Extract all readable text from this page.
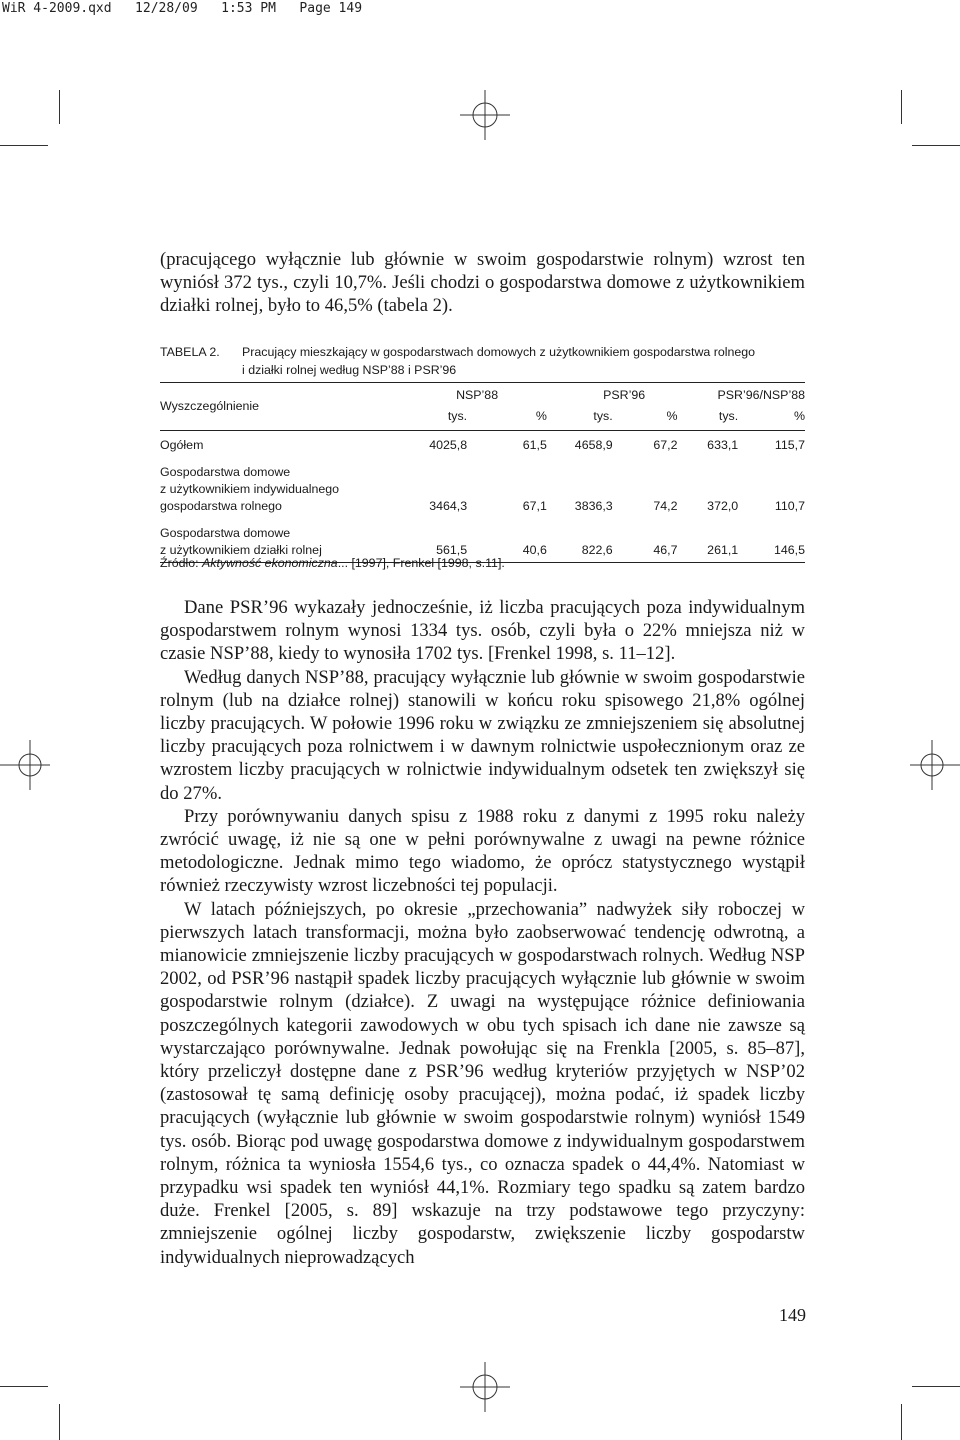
WiR 4-2009.qxd   12/28/09   1:53 PM   Page 149

(pracującego wyłącznie lub głównie w swoim gospodarstwie rolnym) wzrost ten wyniósł 372 tys., czyli 10,7%. Jeśli chodzi o gospodarstwa domowe z użytkownikiem działki rolnej, było to 46,5% (tabela 2).

TABELA 2. Pracujący mieszkający w gospodarstwach domowych z użytkownikiem gospodarstwa rolnego
i działki rolnej według NSP’88 i PSR’96
Wyszczególnienie	NSP’88		PSR’96		PSR’96/NSP’88	
	tys.	%	tys.	%	tys.	%
Ogółem	4025,8	61,5	4658,9	67,2	633,1	115,7

Gospodarstwa domowe
z użytkownikiem indywidualnego
gospodarstwa rolnego	3464,3	67,1	3836,3	74,2	372,0	110,7

Gospodarstwa domowe
z użytkownikiem działki rolnej	561,5	40,6	822,6	46,7	261,1	146,5
Źródło: Aktywność ekonomiczna... [1997], Frenkel [1998, s.11].

Dane PSR’96 wykazały jednocześnie, iż liczba pracujących poza indywidualnym gospodarstwem rolnym wynosi 1334 tys. osób, czyli była o 22% mniejsza niż w czasie NSP’88, kiedy to wynosiła 1702 tys. [Frenkel 1998, s. 11–12].

Według danych NSP’88, pracujący wyłącznie lub głównie w swoim gospodarstwie rolnym (lub na działce rolnej) stanowili w końcu roku spisowego 21,8% ogólnej liczby pracujących. W połowie 1996 roku w związku ze zmniejszeniem się absolutnej liczby pracujących poza rolnictwem i w dawnym rolnictwie uspołecznionym oraz ze wzrostem liczby pracujących w rolnictwie indywidualnym odsetek ten zwiększył się do 27%.

Przy porównywaniu danych spisu z 1988 roku z danymi z 1995 roku należy zwrócić uwagę, iż nie są one w pełni porównywalne z uwagi na pewne różnice metodologiczne. Jednak mimo tego wiadomo, że oprócz statystycznego wystąpił również rzeczywisty wzrost liczebności tej populacji.

W latach późniejszych, po okresie „przechowania” nadwyżek siły roboczej w pierwszych latach transformacji, można było zaobserwować tendencję odwrotną, a mianowicie zmniejszenie liczby pracujących w gospodarstwach rolnych. Według NSP 2002, od PSR’96 nastąpił spadek liczby pracujących wyłącznie lub głównie w swoim gospodarstwie rolnym (działce). Z uwagi na występujące różnice definiowania poszczególnych kategorii zawodowych w obu tych spisach ich dane nie zawsze są wystarczająco porównywalne. Jednak powołując się na Frenkla [2005, s. 85–87], który przeliczył dostępne dane z PSR’96 według kryteriów przyjętych w NSP’02 (zastosował tę samą definicję osoby pracującej), można podać, iż spadek liczby pracujących (wyłącznie lub głównie w swoim gospodarstwie rolnym) wyniósł 1549 tys. osób. Biorąc pod uwagę gospodarstwa domowe z indywidualnym gospodarstwem rolnym, różnica ta wyniosła 1554,6 tys., co oznacza spadek o 44,4%. Natomiast w przypadku wsi spadek ten wyniósł 44,1%. Rozmiary tego spadku są zatem bardzo duże. Frenkel [2005, s. 89] wskazuje na trzy podstawowe tego przyczyny: zmniejszenie ogólnej liczby gospodarstw, zwiększenie liczby gospodarstw indywidualnych nieprowadzących

149
